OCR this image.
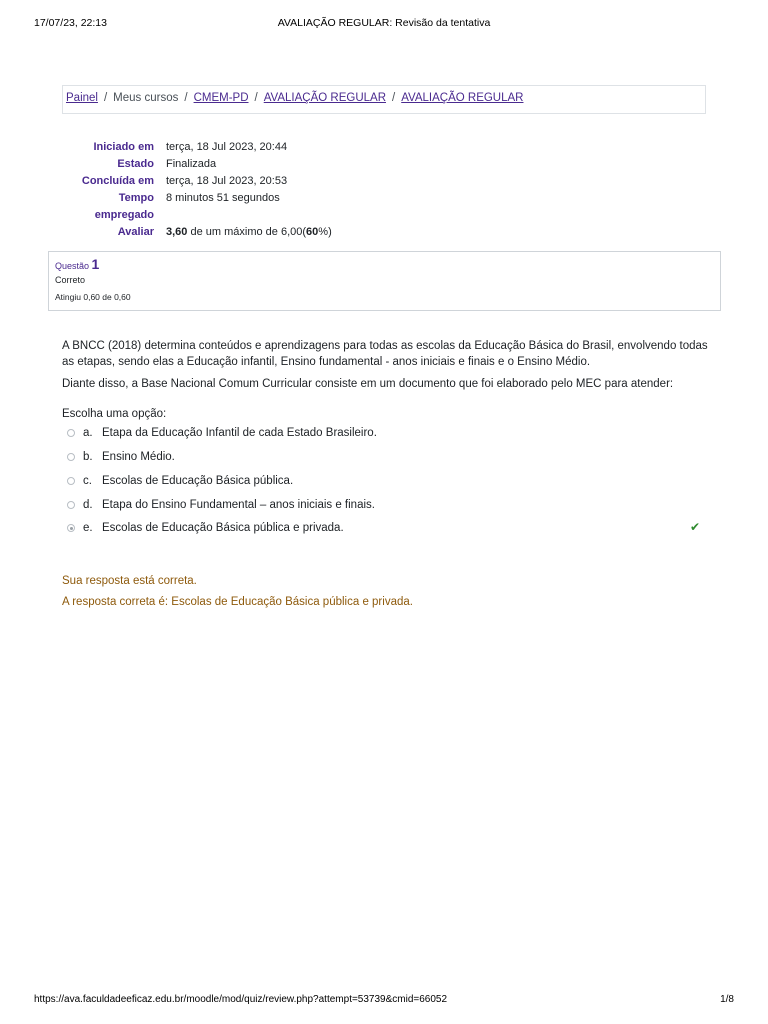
17/07/23, 22:13	AVALIAÇÃO REGULAR: Revisão da tentativa
Painel / Meus cursos / CMEM-PD / AVALIAÇÃO REGULAR / AVALIAÇÃO REGULAR
Iniciado em terça, 18 Jul 2023, 20:44
Estado Finalizada
Concluída em terça, 18 Jul 2023, 20:53
Tempo
empregado
8 minutos 51 segundos
Avaliar 3,60 de um máximo de 6,00(60%)
Questão 1
Correto
Atingiu 0,60 de 0,60

A BNCC (2018) determina conteúdos e aprendizagens para todas as escolas da Educação Básica do Brasil, envolvendo todas as etapas, sendo elas a Educação infantil, Ensino fundamental - anos iniciais e finais e o Ensino Médio.

Diante disso, a Base Nacional Comum Curricular consiste em um documento que foi elaborado pelo MEC para atender:

Escolha uma opção:
a. Etapa da Educação Infantil de cada Estado Brasileiro.
b. Ensino Médio.
c. Escolas de Educação Básica pública.
d. Etapa do Ensino Fundamental – anos iniciais e finais.
e. Escolas de Educação Básica pública e privada.	✔
Sua resposta está correta.
A resposta correta é: Escolas de Educação Básica pública e privada.
https://ava.faculdadeeficaz.edu.br/moodle/mod/quiz/review.php?attempt=53739&cmid=66052	1/8
